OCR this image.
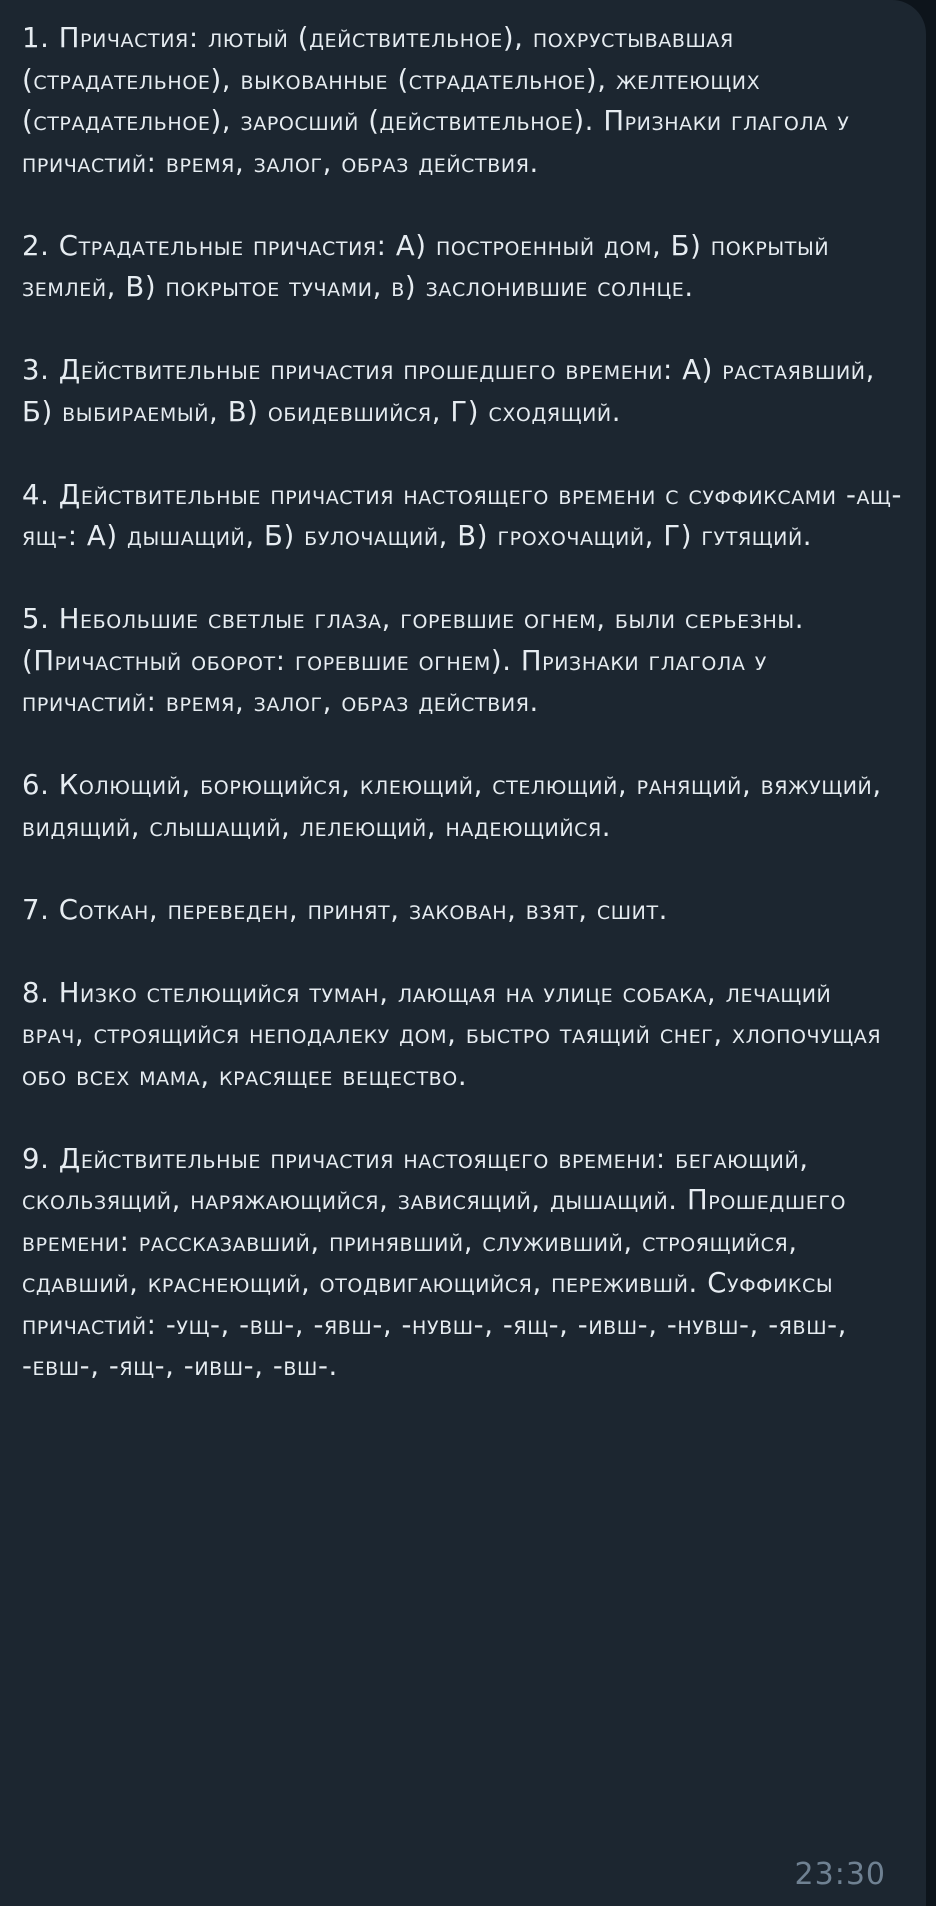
1. Причастия: лютый (действительное), похрустывавшая (страдательное), выкованные (страдательное), желтеющих (страдательное), заросший (действительное). Признаки глагола у причастий: время, залог, образ действия.

2. Страдательные причастия: А) построенный дом, Б) покрытый землей, В) покрытое тучами, в) заслонившие солнце.

3. Действительные причастия прошедшего времени: А) растаявший, Б) выбираемый, В) обидевшийся, Г) сходящий.

4. Действительные причастия настоящего времени с суффиксами -ащ-ящ-: А) дышащий, Б) булочащий, В) грохочащий, Г) гутящий.

5. Небольшие светлые глаза, горевшие огнем, были серьезны. (Причастный оборот: горевшие огнем). Признаки глагола у причастий: время, залог, образ действия.

6. Колющий, борющийся, клеющий, стелющий, ранящий, вяжущий, видящий, слышащий, лелеющий, надеющийся.

7. Соткан, переведен, принят, закован, взят, сшит.

8. Низко стелющийся туман, лающая на улице собака, лечащий врач, строящийся неподалеку дом, быстро таящий снег, хлопочущая обо всех мама, красящее вещество.

9. Действительные причастия настоящего времени: бегающий, скользящий, наряжающийся, зависящий, дышащий. Прошедшего времени: рассказавший, принявший, служивший, строящийся, сдавший, краснеющий, отодвигающийся, пережившй. Суффиксы причастий: -ущ-, -вш-, -явш-, -нувш-, -ящ-, -ивш-, -нувш-, -явш-, -евш-, -ящ-, -ивш-, -вш-.

23:30
